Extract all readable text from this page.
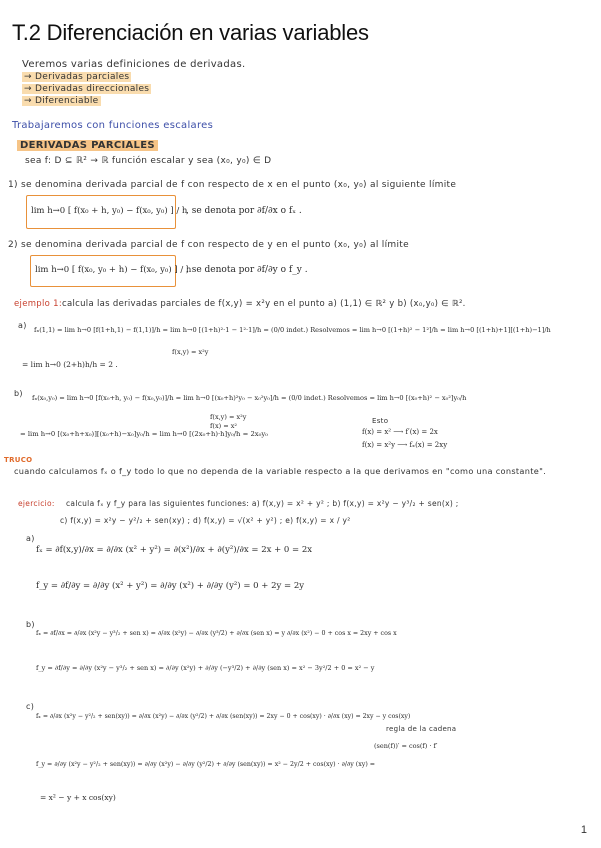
T.2 Diferenciación en varias variables
Veremos varias definiciones de derivadas.
→ Derivadas parciales
→ Derivadas direccionales
→ Diferenciable
Trabajaremos con funciones escalares
DERIVADAS PARCIALES
sea f: D ⊆ ℝ² → ℝ función escalar y sea (x₀, y₀) ∈ D
1) se denomina derivada parcial de f con respecto de x en el punto (x₀, y₀) al siguiente límite
lim h→0 [ f(x₀ + h, y₀) − f(x₀, y₀) ] / h
, se denota por ∂f/∂x o fₓ .
2) se denomina derivada parcial de f con respecto de y en el punto (x₀, y₀) al límite
lim h→0 [ f(x₀, y₀ + h) − f(x₀, y₀) ] / h
, se denota por ∂f/∂y o f_y .
ejemplo 1: calcula las derivadas parciales de f(x,y) = x²y en el punto a) (1,1) ∈ ℝ² y b) (x₀,y₀) ∈ ℝ².
a) fₓ(1,1) = lim h→0 [f(1+h,1) − f(1,1)]/h = lim h→0 [(1+h)²·1 − 1²·1]/h = (0/0 indet.) Resolvemos = lim h→0 [(1+h)² − 1²]/h = lim h→0 [(1+h)+1][(1+h)−1]/h
f(x,y) = x²y
= lim h→0 (2+h)h/h = 2 .
b) fₓ(x₀,y₀) = lim h→0 [f(x₀+h, y₀) − f(x₀,y₀)]/h = lim h→0 [(x₀+h)²y₀ − x₀²y₀]/h = (0/0 indet.) Resolvemos = lim h→0 [(x₀+h)² − x₀²]y₀/h
= lim h→0 [(x₀+h+x₀)][(x₀+h)−x₀]y₀/h = lim h→0 [(2x₀+h)·h]y₀/h = 2x₀y₀
f(x,y) = x²y
f(x) = x²
Esto
f(x) = x² ⟶ f′(x) = 2x
f(x) = x²y ⟶ fₓ(x) = 2xy
TRUCO
cuando calculamos fₓ o f_y todo lo que no dependa de la variable respecto a la que derivamos en "como una constante".
ejercicio: calcula fₓ y f_y para las siguientes funciones: a) f(x,y) = x² + y² ; b) f(x,y) = x²y − y³/₂ + sen(x) ;
c) f(x,y) = x²y − y²/₂ + sen(xy) ; d) f(x,y) = √(x² + y²) ; e) f(x,y) = x / y²
a)
fₓ = ∂f(x,y)/∂x = ∂/∂x (x² + y²) = ∂(x²)/∂x + ∂(y²)/∂x = 2x + 0 = 2x
f_y = ∂f/∂y = ∂/∂y (x² + y²) = ∂/∂y (x²) + ∂/∂y (y²) = 0 + 2y = 2y
b)
fₓ = ∂f/∂x = ∂/∂x (x²y − y³/₂ + sen x) = ∂/∂x (x²y) − ∂/∂x (y³/2) + ∂/∂x (sen x) = y ∂/∂x (x²) − 0 + cos x = 2xy + cos x
f_y = ∂f/∂y = ∂/∂y (x²y − y³/₂ + sen x) = ∂/∂y (x²y) + ∂/∂y (−y³/2) + ∂/∂y (sen x) = x² − 3y²/2 + 0 = x² − y
c)
fₓ = ∂/∂x (x²y − y²/₂ + sen(xy)) = ∂/∂x (x²y) − ∂/∂x (y²/2) + ∂/∂x (sen(xy)) = 2xy − 0 + cos(xy) · ∂/∂x (xy) = 2xy − y cos(xy)
regla de la cadena
(sen(f))′ = cos(f) · f′
f_y = ∂/∂y (x²y − y²/₂ + sen(xy)) = ∂/∂y (x²y) − ∂/∂y (y²/2) + ∂/∂y (sen(xy)) = x² − 2y/2 + cos(xy) · ∂/∂y (xy) =
= x² − y + x cos(xy)
1
